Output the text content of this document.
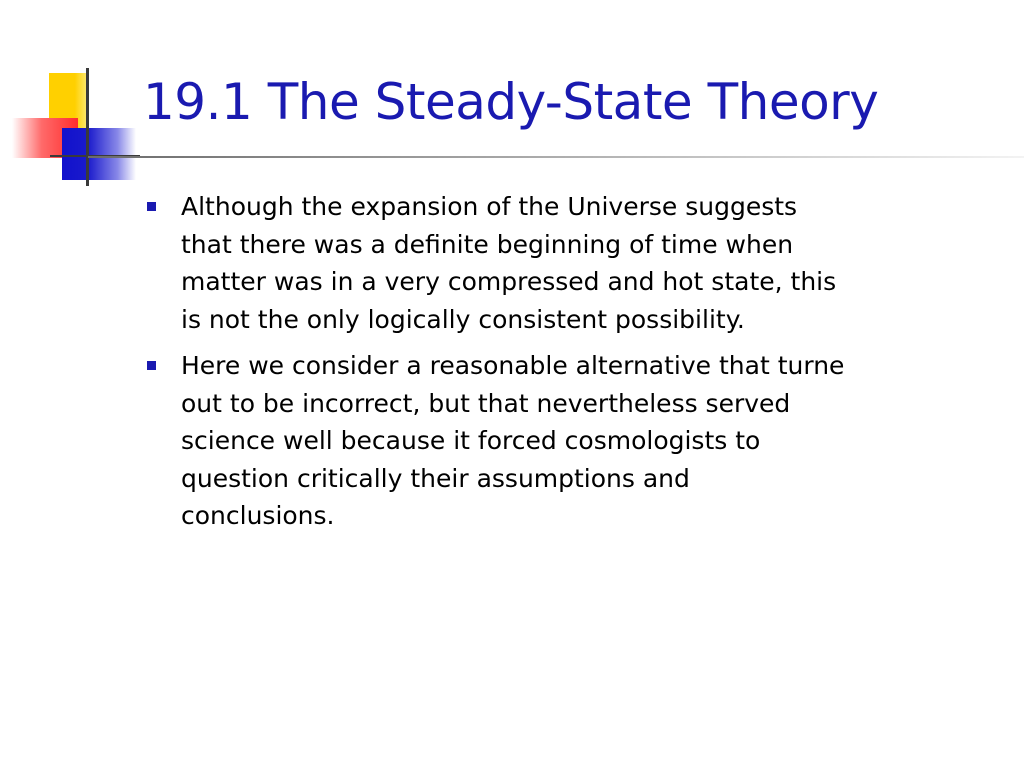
19.1 The Steady-State Theory
Although the expansion of the Universe suggests that there was a definite beginning of time when matter was in a very compressed and hot state, this is not the only logically consistent possibility.
Here we consider a reasonable alternative that turne out to be incorrect, but that nevertheless served science well because it forced cosmologists to question critically their assumptions and conclusions.
